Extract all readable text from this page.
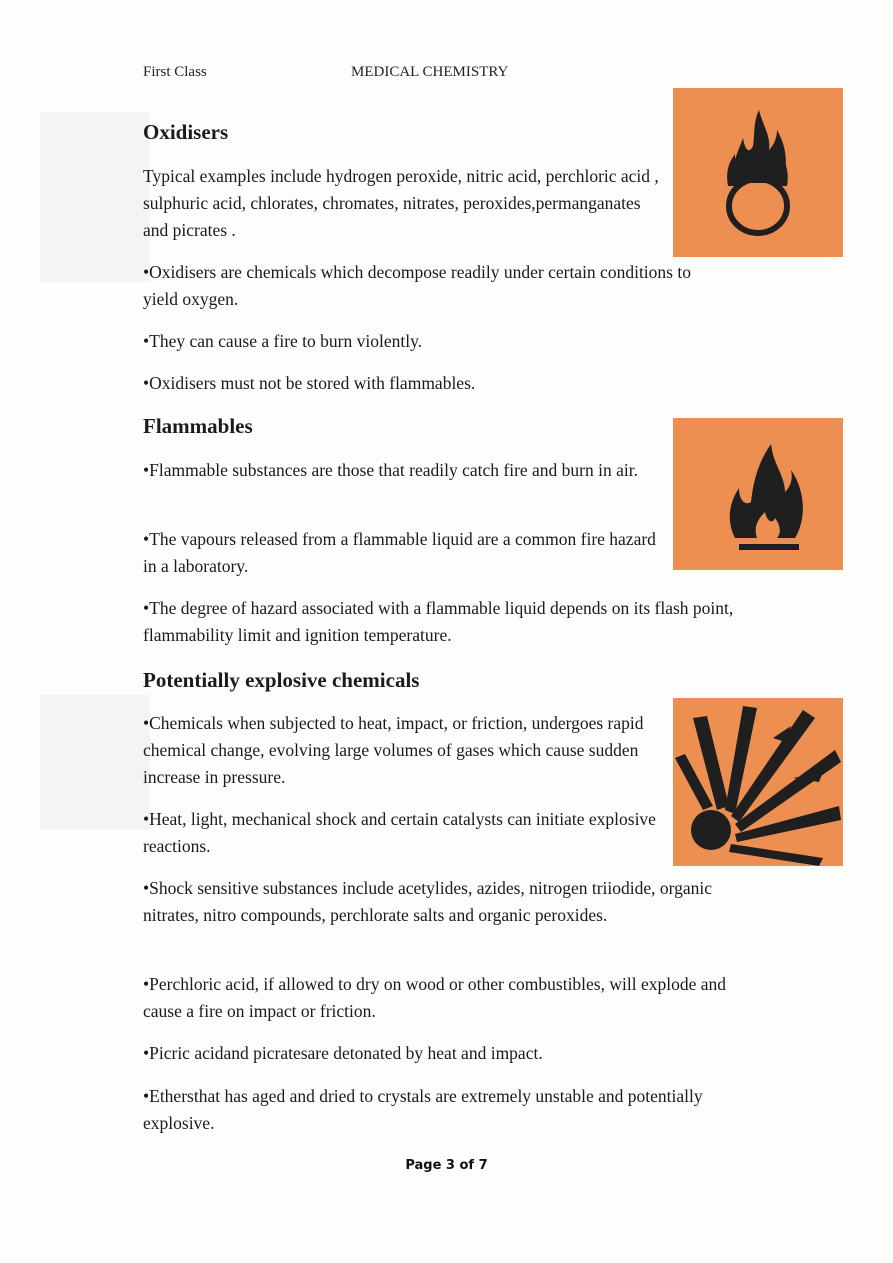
First Class	MEDICAL CHEMISTRY
Oxidisers

Typical examples include hydrogen peroxide, nitric acid, perchloric acid , sulphuric acid, chlorates, chromates, nitrates, peroxides,permanganates and picrates .

•Oxidisers are chemicals which decompose readily under certain conditions to yield oxygen.

•They can cause a fire to burn violently.

•Oxidisers must not be stored with flammables.

Flammables

•Flammable substances are those that readily catch fire and burn in air.

•The vapours released from a flammable liquid are a common fire hazard in a laboratory.

•The degree of hazard associated with a flammable liquid depends on its flash point, flammability limit and ignition temperature.

Potentially explosive chemicals

•Chemicals when subjected to heat, impact, or friction, undergoes rapid chemical change, evolving large volumes of gases which cause sudden increase in pressure.

•Heat, light, mechanical shock and certain catalysts can initiate explosive reactions.

•Shock sensitive substances include acetylides, azides, nitrogen triiodide, organic nitrates, nitro compounds, perchlorate salts and organic peroxides.

•Perchloric acid, if allowed to dry on wood or other combustibles, will explode and cause a fire on impact or friction.

•Picric acidand picratesare detonated by heat and impact.

•Ethersthat has aged and dried to crystals are extremely unstable and potentially explosive.

Page 3 of 7
